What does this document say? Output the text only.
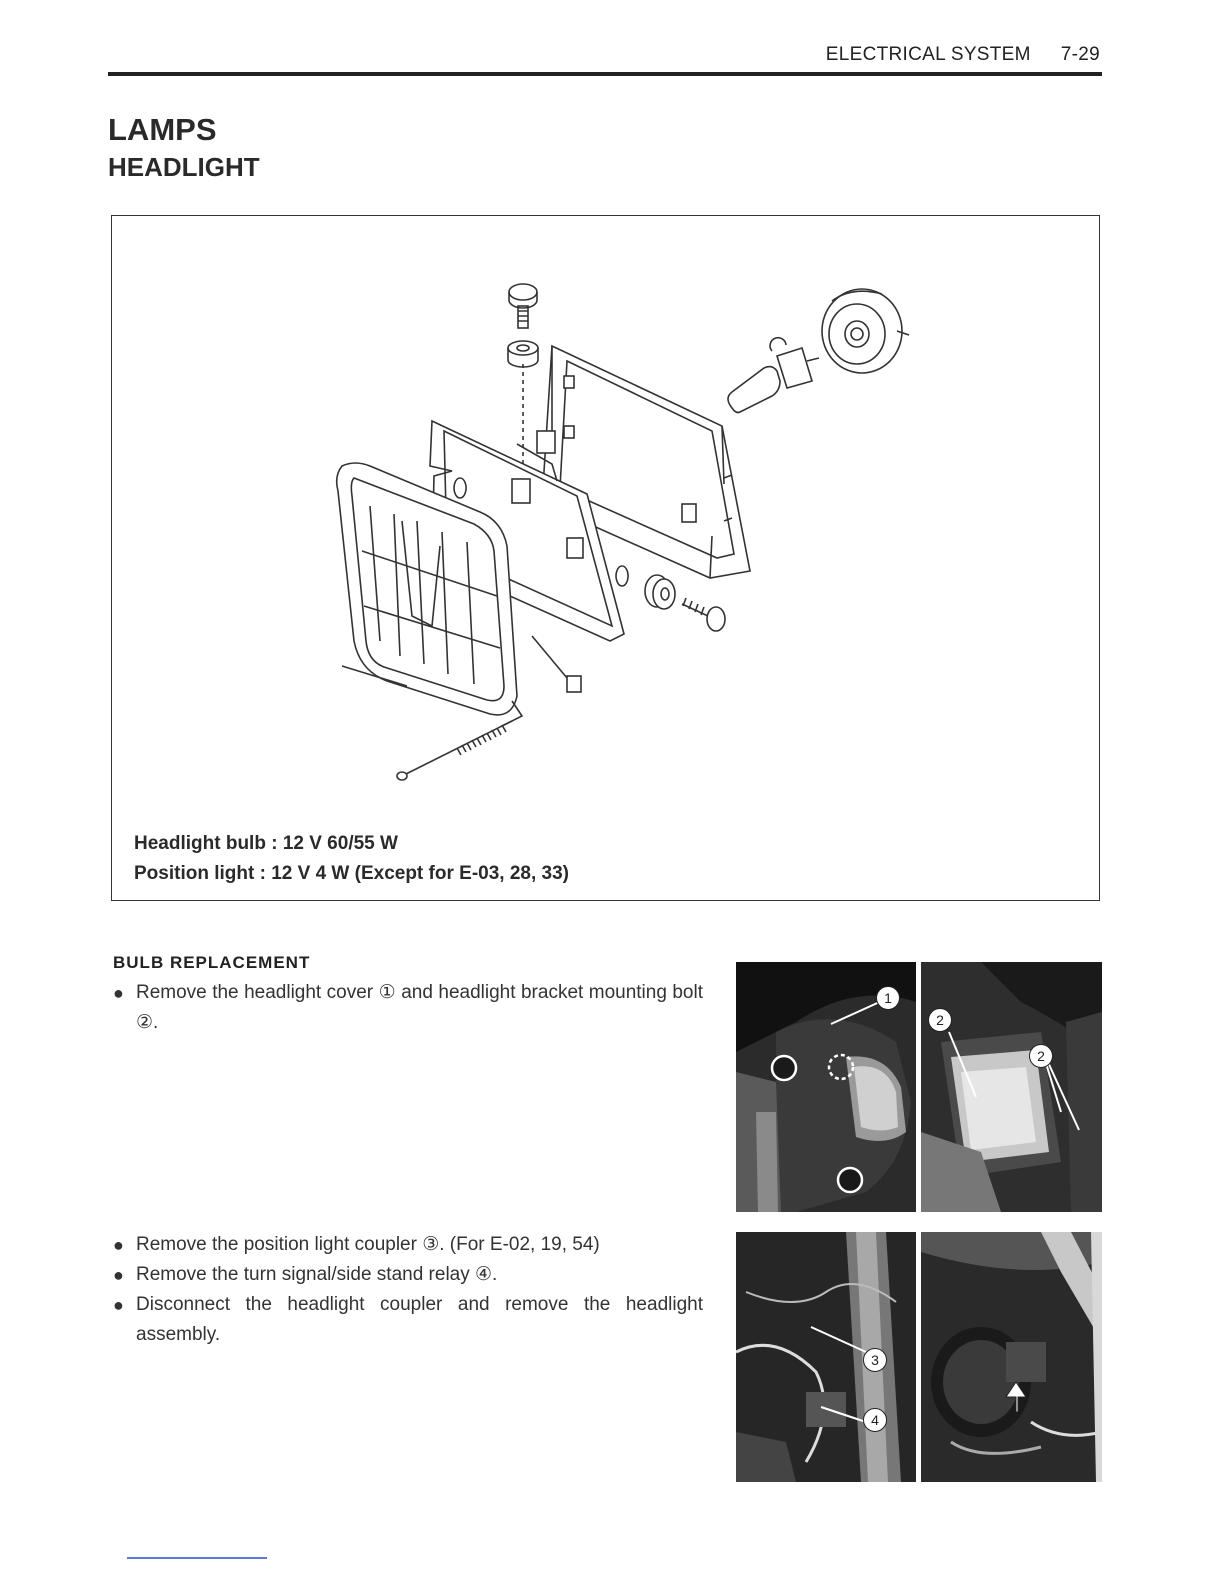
ELECTRICAL SYSTEM 7-29
LAMPS
HEADLIGHT
Headlight bulb : 12 V 60/55 W
Position light : 12 V 4 W (Except for E-03, 28, 33)
BULB REPLACEMENT
● Remove the headlight cover ① and headlight bracket mounting bolt ②.
● Remove the position light coupler ③. (For E-02, 19, 54)
● Remove the turn signal/side stand relay ④.
● Disconnect the headlight coupler and remove the headlight assembly.
1
2
2
3
4
